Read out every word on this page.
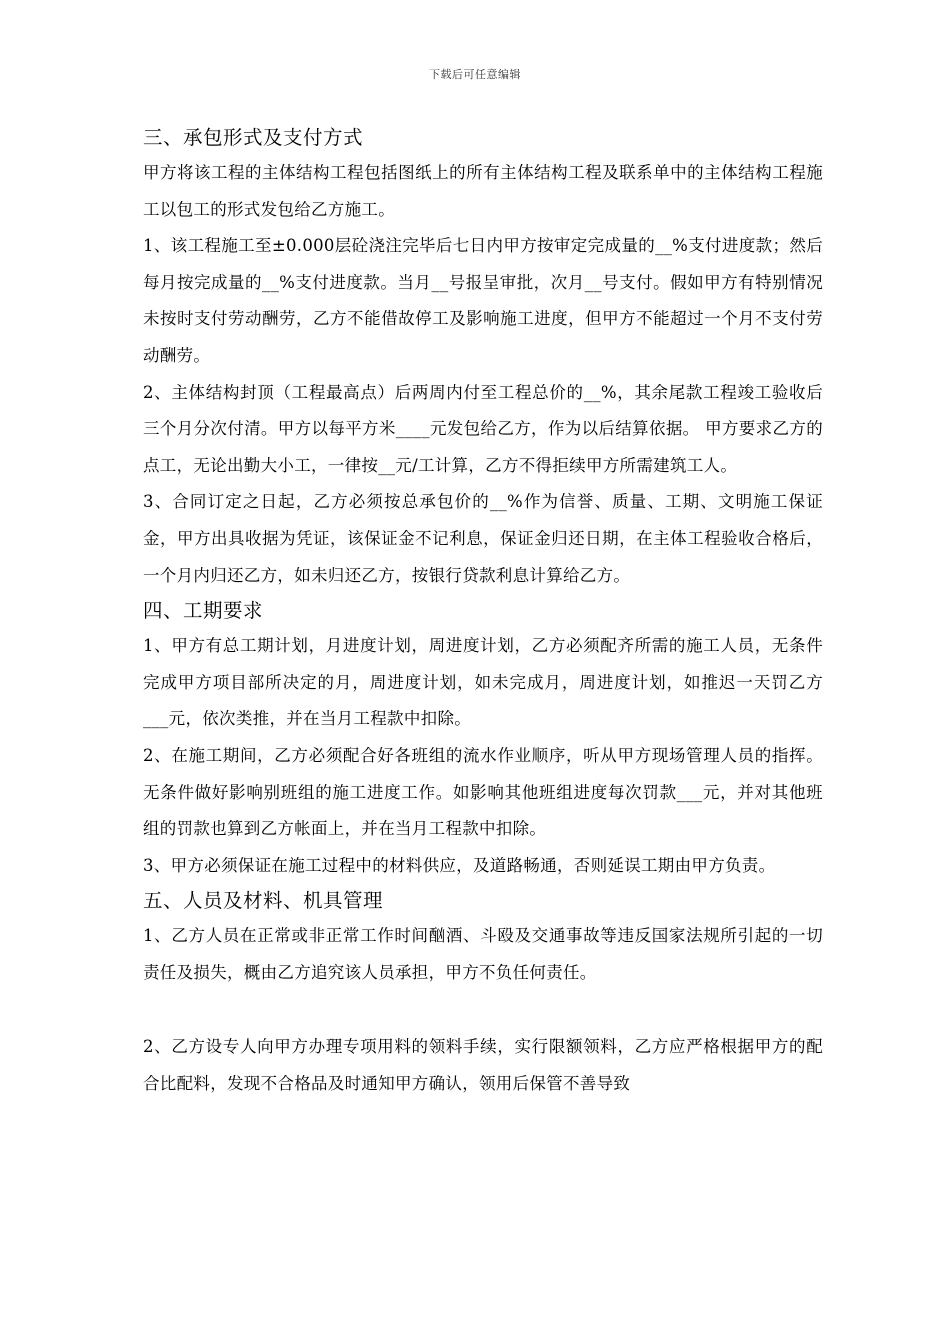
下载后可任意编辑
三、承包形式及支付方式

甲方将该工程的主体结构工程包括图纸上的所有主体结构工程及联系单中的主体结构工程施工以包工的形式发包给乙方施工。

1、该工程施工至±0.000层砼浇注完毕后七日内甲方按审定完成量的__%支付进度款；然后每月按完成量的__%支付进度款。当月__号报呈审批，次月__号支付。假如甲方有特别情况未按时支付劳动酬劳，乙方不能借故停工及影响施工进度，但甲方不能超过一个月不支付劳动酬劳。

2、主体结构封顶（工程最高点）后两周内付至工程总价的__%，其余尾款工程竣工验收后三个月分次付清。甲方以每平方米____元发包给乙方，作为以后结算依据。 甲方要求乙方的点工，无论出勤大小工，一律按__元/工计算，乙方不得拒续甲方所需建筑工人。

3、合同订定之日起，乙方必须按总承包价的__%作为信誉、质量、工期、文明施工保证金，甲方出具收据为凭证，该保证金不记利息，保证金归还日期，在主体工程验收合格后，一个月内归还乙方，如未归还乙方，按银行贷款利息计算给乙方。

四、工期要求

1、甲方有总工期计划，月进度计划，周进度计划，乙方必须配齐所需的施工人员，无条件完成甲方项目部所决定的月，周进度计划，如未完成月，周进度计划，如推迟一天罚乙方___元，依次类推，并在当月工程款中扣除。

2、在施工期间，乙方必须配合好各班组的流水作业顺序，听从甲方现场管理人员的指挥。无条件做好影响别班组的施工进度工作。如影响其他班组进度每次罚款___元，并对其他班组的罚款也算到乙方帐面上，并在当月工程款中扣除。

3、甲方必须保证在施工过程中的材料供应，及道路畅通，否则延误工期由甲方负责。

五、人员及材料、机具管理

1、乙方人员在正常或非正常工作时间酗酒、斗殴及交通事故等违反国家法规所引起的一切责任及损失，概由乙方追究该人员承担，甲方不负任何责任。

2、乙方设专人向甲方办理专项用料的领料手续，实行限额领料，乙方应严格根据甲方的配合比配料，发现不合格品及时通知甲方确认，领用后保管不善导致
